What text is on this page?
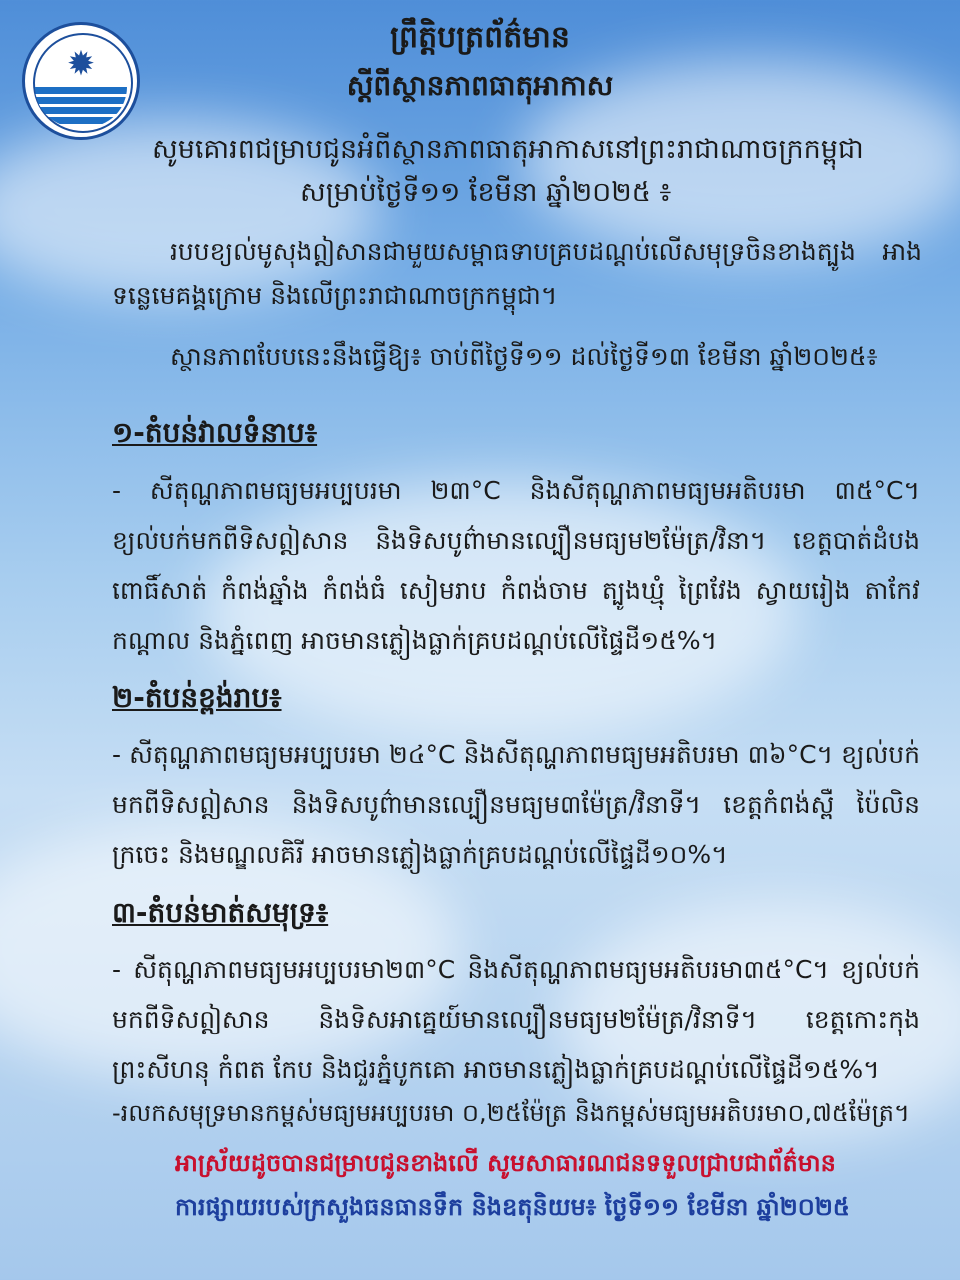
✹

ព្រឹត្តិបត្រព័ត៌មាន

ស្តីពីស្ថានភាពធាតុអាកាស

សូមគោរពជម្រាបជូនអំពីស្ថានភាពធាតុអាកាសនៅព្រះរាជាណាចក្រកម្ពុជា

សម្រាប់ថ្ងៃទី១១ ខែមីនា ឆ្នាំ២០២៥ ៖

របបខ្យល់មូសុងឦសានជាមួយសម្ពាធទាបគ្របដណ្តប់លើសមុទ្រចិនខាងត្បូង អាងទន្លេមេគង្គក្រោម និងលើព្រះរាជាណាចក្រកម្ពុជា។

ស្ថានភាពបែបនេះនឹងធ្វើឱ្យ៖ ចាប់ពីថ្ងៃទី១១ ដល់ថ្ងៃទី១៣ ខែមីនា ឆ្នាំ២០២៥៖

១-តំបន់វាលទំនាប៖

- សីតុណ្ហភាពមធ្យមអប្បបរមា ២៣°C និងសីតុណ្ហភាពមធ្យមអតិបរមា ៣៥°C។ ខ្យល់បក់មកពីទិសឦសាន និងទិសបូព៌ាមានល្បឿនមធ្យម២ម៉ែត្រ/វិនា។ ខេត្តបាត់ដំបង ពោធិ៍សាត់ កំពង់ឆ្នាំង កំពង់ធំ សៀមរាប កំពង់ចាម ត្បូងឃ្មុំ ព្រៃវែង ស្វាយរៀង តាកែវ កណ្តាល និងភ្នំពេញ អាចមានភ្លៀងធ្លាក់គ្របដណ្តប់លើផ្ទៃដី១៥%។

២-តំបន់ខ្ពង់រាប៖

- សីតុណ្ហភាពមធ្យមអប្បបរមា ២៤°C និងសីតុណ្ហភាពមធ្យមអតិបរមា ៣៦°C។ ខ្យល់បក់មកពីទិសឦសាន និងទិសបូព៌ាមានល្បឿនមធ្យម៣ម៉ែត្រ/វិនាទី។ ខេត្តកំពង់ស្ពឺ ប៉ៃលិន ក្រចេះ និងមណ្ឌលគិរី អាចមានភ្លៀងធ្លាក់គ្របដណ្តប់លើផ្ទៃដី១០%។

៣-តំបន់មាត់សមុទ្រ៖

- សីតុណ្ហភាពមធ្យមអប្បបរមា២៣°C និងសីតុណ្ហភាពមធ្យមអតិបរមា៣៥°C។ ខ្យល់បក់មកពីទិសឦសាន និងទិសអាគ្នេយ៍មានល្បឿនមធ្យម២ម៉ែត្រ/វិនាទី។ ខេត្តកោះកុង ព្រះសីហនុ កំពត កែប និងជួរភ្នំបូកគោ អាចមានភ្លៀងធ្លាក់គ្របដណ្តប់លើផ្ទៃដី១៥%។

-រលកសមុទ្រមានកម្ពស់មធ្យមអប្បបរមា ០,២៥ម៉ែត្រ និងកម្ពស់មធ្យមអតិបរមា០,៧៥ម៉ែត្រ។

អាស្រ័យដូចបានជម្រាបជូនខាងលើ សូមសាធារណជនទទួលជ្រាបជាព័ត៌មាន

ការផ្សាយរបស់ក្រសួងធនធានទឹក និងឧតុនិយម៖ ថ្ងៃទី១១ ខែមីនា ឆ្នាំ២០២៥
